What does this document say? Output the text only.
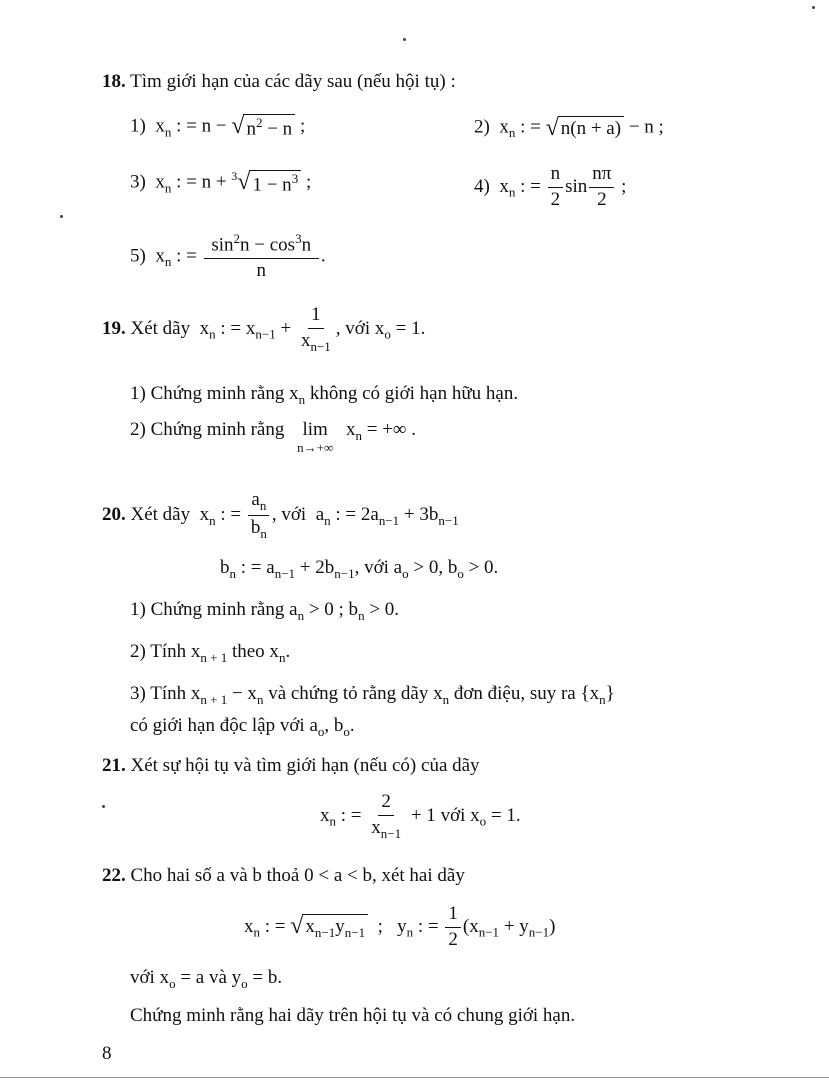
18. Tìm giới hạn của các dãy sau (nếu hội tụ) :
1)  $x_n$ : = n − √ $n^2 - n$ ;	2)  $x_n$ : = √ n(n + a) − n ;
3)  $x_n$ : = n + $^3$ √ $1 - n^3$ ;	4)  $x_n$ : = $\frac{n}{2}$ $\sin \frac{n\pi}{2}$ ;
5)  $x_n$ : = $\frac{\sin^2n - \cos^3n}{n}$ .
19. Xét dãy  $x_n$ : = $x_{n-1} + \frac{1}{x_{n-1}}$ , với $x_o = 1$.
1) Chứng minh rằng $x_n$ không có giới hạn hữu hạn.
2) Chứng minh rằng lim
n→+∞
$x_n$ = +∞ .
20. Xét dãy  $x_n$ : = $\frac{a_n}{b_n}$ , với  $a_n$ : = $2a_{n-1} + 3b_{n-1}$
$b_n$ : = $a_{n-1} + 2b_{n-1}$, với $a_o > 0$, $b_o > 0$.
1) Chứng minh rằng $a_n > 0$ ; $b_n > 0$.
2) Tính $x_{n + 1}$ theo $x_n$.
3) Tính $x_{n + 1} - x_n$ và chứng tỏ rằng dãy $x_n$ đơn điệu, suy ra $\{x_n\}$
có giới hạn độc lập với $a_o$, $b_o$.
21. Xét sự hội tụ và tìm giới hạn (nếu có) của dãy
$x_n$ : = $\frac{2}{x_{n-1}} + 1$ với $x_o = 1$.
22. Cho hai số a và b thoả 0 < a < b, xét hai dãy
$x_n$ : = √ $x_{n-1}y_{n-1}$ ;   $y_n$ : = $\frac{1}{2} (x_{n-1} + y_{n-1})$
với $x_o = a$ và $y_o = b$.
Chứng minh rằng hai dãy trên hội tụ và có chung giới hạn.
8
